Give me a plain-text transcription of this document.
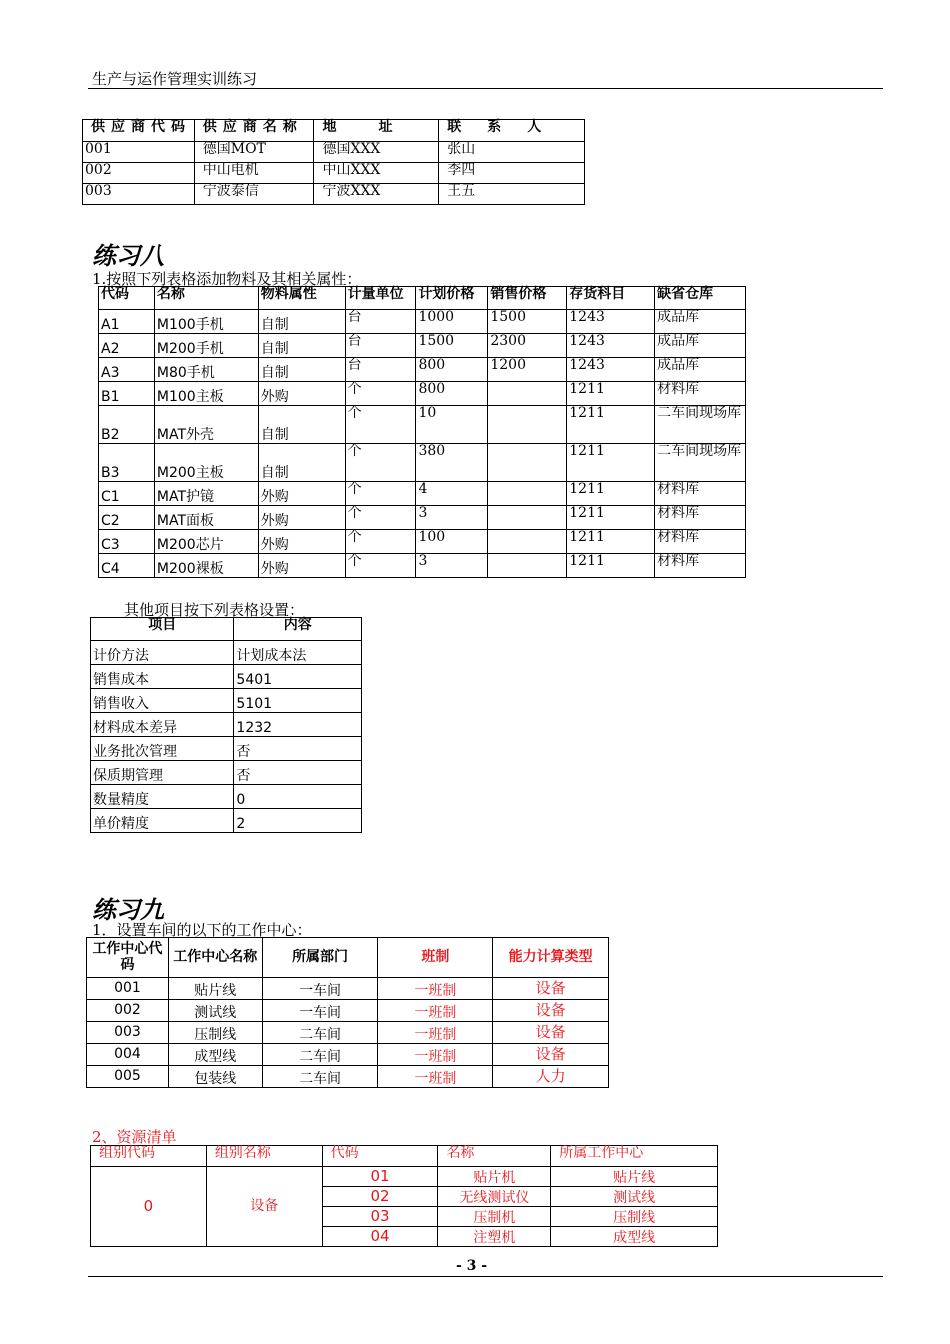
生产与运作管理实训练习
供应商代码	供应商名称	地　　　址	联　系　人
001	德国MOT	德国XXX	张山
002	中山电机	中山XXX	李四
003	宁波泰信	宁波XXX	王五
练习八
1.按照下列表格添加物料及其相关属性：
代码	名称	物料属性	计量单位	计划价格	销售价格	存货科目	缺省仓库
A1	M100手机	自制	台	1000	1500	1243	成品库
A2	M200手机	自制	台	1500	2300	1243	成品库
A3	M80手机	自制	台	800	1200	1243	成品库
B1	M100主板	外购	个	800		1211	材料库
B2	MAT外壳	自制	个	10		1211	二车间现场库
B3	M200主板	自制	个	380		1211	二车间现场库
C1	MAT护镜	外购	个	4		1211	材料库
C2	MAT面板	外购	个	3		1211	材料库
C3	M200芯片	外购	个	100		1211	材料库
C4	M200裸板	外购	个	3		1211	材料库
其他项目按下列表格设置：
项目	内容
计价方法	计划成本法
销售成本	5401
销售收入	5101
材料成本差异	1232
业务批次管理	否
保质期管理	否
数量精度	0
单价精度	2
练习九
1．设置车间的以下的工作中心：
工作中心代码	工作中心名称	所属部门	班制	能力计算类型
001	贴片线	一车间	一班制	设备
002	测试线	一车间	一班制	设备
003	压制线	二车间	一班制	设备
004	成型线	二车间	一班制	设备
005	包装线	二车间	一班制	人力
2、资源清单
组别代码	组别名称	代码	名称	所属工作中心
0	设备	01	贴片机	贴片线
		02	无线测试仪	测试线
		03	压制机	压制线
		04	注塑机	成型线
- 3 -
